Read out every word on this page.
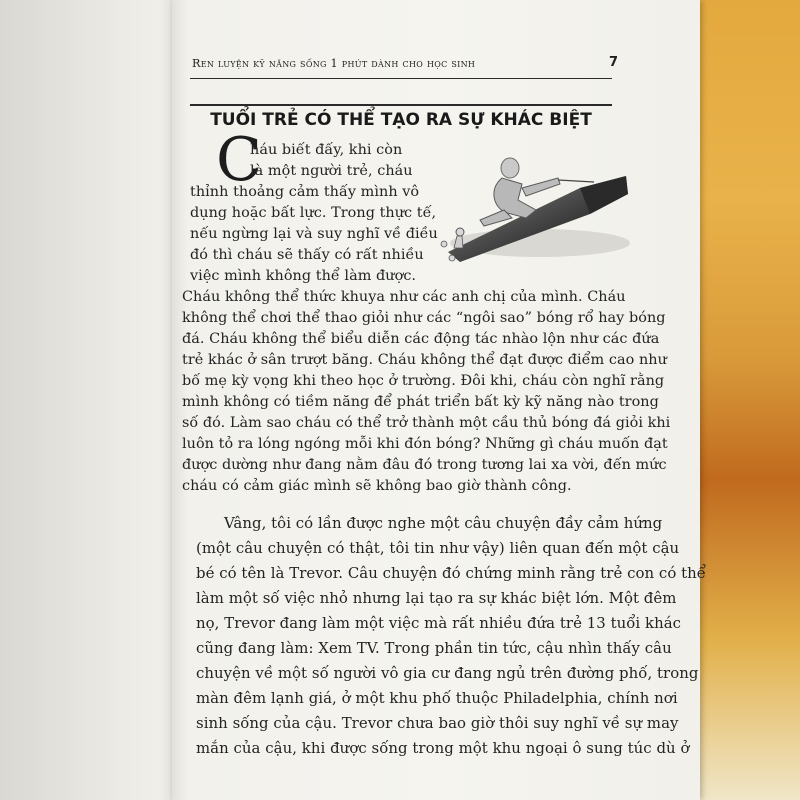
Ren luyện kỹ năng sống 1 phút dành cho học sinh	7
TUỔI TRẺ CÓ THỂ TẠO RA SỰ KHÁC BIỆT
C
háu biết đấy, khi còn
là một người trẻ, cháu
thỉnh thoảng cảm thấy mình vô
dụng hoặc bất lực. Trong thực tế,
nếu ngừng lại và suy nghĩ về điều
đó thì cháu sẽ thấy có rất nhiều
việc mình không thể làm được.
Cháu không thể thức khuya như các anh chị của mình. Cháu
không thể chơi thể thao giỏi như các “ngôi sao” bóng rổ hay bóng
đá. Cháu không thể biểu diễn các động tác nhào lộn như các đứa
trẻ khác ở sân trượt băng. Cháu không thể đạt được điểm cao như
bố mẹ kỳ vọng khi theo học ở trường. Đôi khi, cháu còn nghĩ rằng
mình không có tiềm năng để phát triển bất kỳ kỹ năng nào trong
số đó. Làm sao cháu có thể trở thành một cầu thủ bóng đá giỏi khi
luôn tỏ ra lóng ngóng mỗi khi đón bóng? Những gì cháu muốn đạt
được dường như đang nằm đâu đó trong tương lai xa vời, đến mức
cháu có cảm giác mình sẽ không bao giờ thành công.
Vâng, tôi có lần được nghe một câu chuyện đầy cảm hứng
(một câu chuyện có thật, tôi tin như vậy) liên quan đến một cậu
bé có tên là Trevor. Câu chuyện đó chứng minh rằng trẻ con có thể
làm một số việc nhỏ nhưng lại tạo ra sự khác biệt lớn. Một đêm
nọ, Trevor đang làm một việc mà rất nhiều đứa trẻ 13 tuổi khác
cũng đang làm: Xem TV. Trong phần tin tức, cậu nhìn thấy câu
chuyện về một số người vô gia cư đang ngủ trên đường phố, trong
màn đêm lạnh giá, ở một khu phố thuộc Philadelphia, chính nơi
sinh sống của cậu. Trevor chưa bao giờ thôi suy nghĩ về sự may
mắn của cậu, khi được sống trong một khu ngoại ô sung túc dù ở
